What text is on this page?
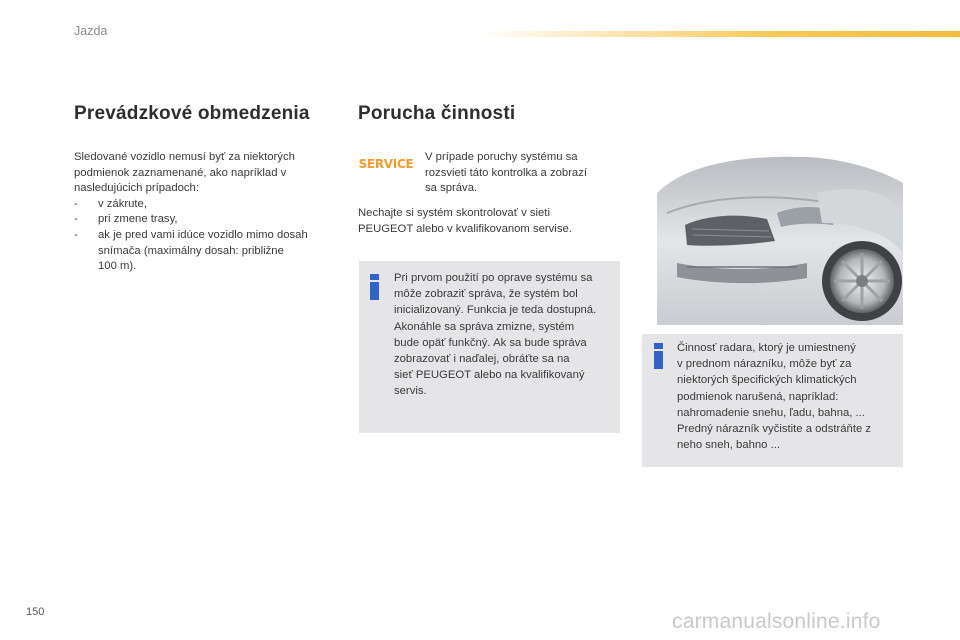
Jazda
Prevádzkové obmedzenia
Sledované vozidlo nemusí byť za niektorých
podmienok zaznamenané, ako napríklad v
nasledujúcich prípadoch:
- v zákrute,
- pri zmene trasy,
- ak je pred vami idúce vozidlo mimo dosah
snímača (maximálny dosah: približne
100 m).
Porucha činnosti
SERVICE V prípade poruchy systému sa
rozsvieti táto kontrolka a zobrazí
sa správa.
Nechajte si systém skontrolovať v sieti
PEUGEOT alebo v kvalifikovanom servise.
Pri prvom použití po oprave systému sa
môže zobraziť správa, že systém bol
inicializovaný. Funkcia je teda dostupná.
Akonáhle sa správa zmizne, systém
bude opäť funkčný. Ak sa bude správa
zobrazovať i naďalej, obráťte sa na
sieť PEUGEOT alebo na kvalifikovaný
servis.
Činnosť radara, ktorý je umiestnený
v prednom nárazníku, môže byť za
niektorých špecifických klimatických
podmienok narušená, napríklad:
nahromadenie snehu, ľadu, bahna, ...
Predný nárazník vyčistite a odstráňte z
neho sneh, bahno ...
150	carmanualsonline.info
